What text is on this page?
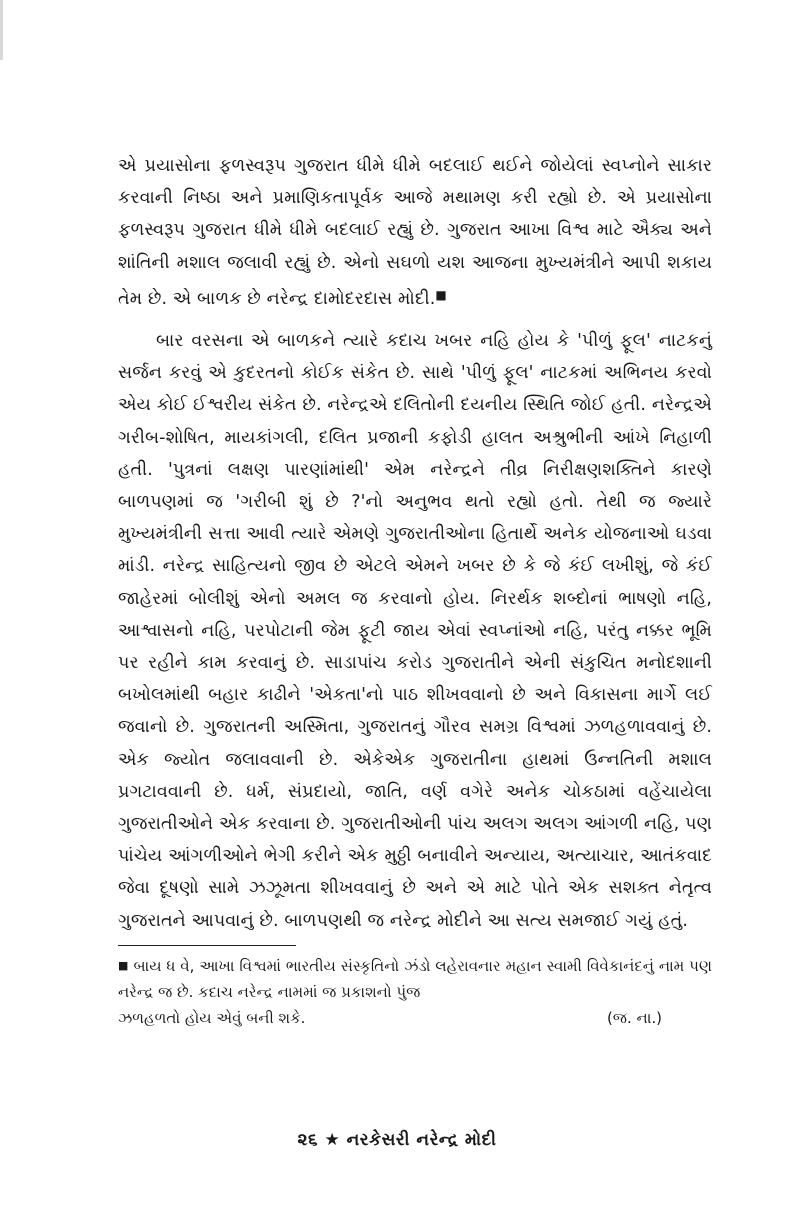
એ પ્રયાસોના ફળસ્વરૂપ ગુજરાત ધીમે ધીમે બદલાઈ થઈને જોયેલાં સ્વપ્નોને સાકાર કરવાની નિષ્ઠા અને પ્રમાણિકતાપૂર્વક આજે મથામણ કરી રહ્યો છે. એ પ્રયાસોના ફળસ્વરૂપ ગુજરાત ધીમે ધીમે બદલાઈ રહ્યું છે. ગુજરાત આખા વિશ્વ માટે ઐક્ય અને શાંતિની મશાલ જલાવી રહ્યું છે. એનો સઘળો યશ આજના મુખ્યમંત્રીને આપી શકાય તેમ છે. એ બાળક છે નરેન્દ્ર દામોદરદાસ મોદી.■

બાર વરસના એ બાળકને ત્યારે કદાચ ખબર નહિ હોય કે 'પીળું ફૂલ' નાટકનું સર્જન કરવું એ કુદરતનો કોઈક સંકેત છે. સાથે 'પીળું ફૂલ' નાટકમાં અભિનય કરવો એય કોઈ ઈશ્વરીય સંકેત છે. નરેન્દ્રએ દલિતોની દયનીય સ્થિતિ જોઈ હતી. નરેન્દ્રએ ગરીબ-શોષિત, માયકાંગલી, દલિત પ્રજાની કફોડી હાલત અશ્રુભીની આંખે નિહાળી હતી. 'પુત્રનાં લક્ષણ પારણાંમાંથી' એમ નરેન્દ્રને તીવ્ર નિરીક્ષણશક્તિને કારણે બાળપણમાં જ 'ગરીબી શું છે ?'નો અનુભવ થતો રહ્યો હતો. તેથી જ જ્યારે મુખ્યમંત્રીની સત્તા આવી ત્યારે એમણે ગુજરાતીઓના હિતાર્થે અનેક યોજનાઓ ઘડવા માંડી. નરેન્દ્ર સાહિત્યનો જીવ છે એટલે એમને ખબર છે કે જે કંઈ લખીશું, જે કંઈ જાહેરમાં બોલીશું એનો અમલ જ કરવાનો હોય. નિરર્થક શબ્દોનાં ભાષણો નહિ, આશ્વાસનો નહિ, પરપોટાની જેમ ફૂટી જાય એવાં સ્વપ્નાંઓ નહિ, પરંતુ નક્કર ભૂમિ પર રહીને કામ કરવાનું છે. સાડાપાંચ કરોડ ગુજરાતીને એની સંકુચિત મનોદશાની બખોલમાંથી બહાર કાઢીને 'એકતા'નો પાઠ શીખવવાનો છે અને વિકાસના માર્ગે લઈ જવાનો છે. ગુજરાતની અસ્મિતા, ગુજરાતનું ગૌરવ સમગ્ર વિશ્વમાં ઝળહળાવવાનું છે. એક જ્યોત જલાવવાની છે. એકેએક ગુજરાતીના હાથમાં ઉન્નતિની મશાલ પ્રગટાવવાની છે. ધર્મ, સંપ્રદાયો, જાતિ, વર્ણ વગેરે અનેક ચોકઠામાં વહેંચાયેલા ગુજરાતીઓને એક કરવાના છે. ગુજરાતીઓની પાંચ અલગ અલગ આંગળી નહિ, પણ પાંચેય આંગળીઓને ભેગી કરીને એક મુઠ્ઠી બનાવીને અન્યાય, અત્યાચાર, આતંકવાદ જેવા દૂષણો સામે ઝઝૂમતા શીખવવાનું છે અને એ માટે પોતે એક સશક્ત નેતૃત્વ ગુજરાતને આપવાનું છે. બાળપણથી જ નરેન્દ્ર મોદીને આ સત્ય સમજાઈ ગયું હતું.

■ બાય ધ વે, આખા વિશ્વમાં ભારતીય સંસ્કૃતિનો ઝંડો લહેરાવનાર મહાન સ્વામી વિવેકાનંદનું નામ પણ નરેન્દ્ર જ છે. કદાચ નરેન્દ્ર નામમાં જ પ્રકાશનો પુંજ

ઝળહળતો હોય એવું બની શકે.	(જ. ના.)

૨૬ ★ નરકેસરી નરેન્દ્ર મોદી
